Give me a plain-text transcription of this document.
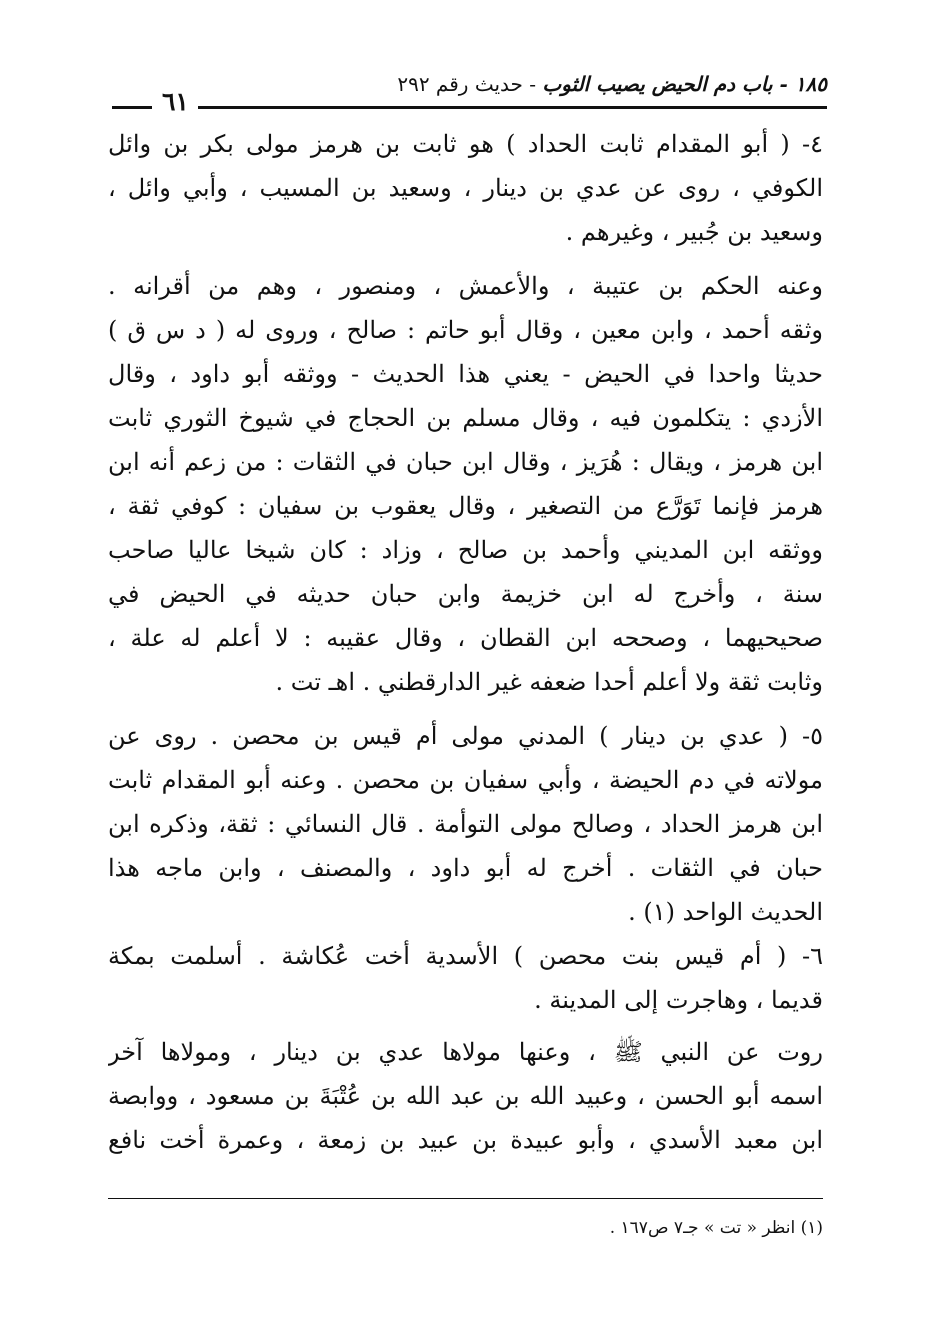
٦١
١٨٥ - باب دم الحيض يصيب الثوب - حديث رقم ٢٩٢
٤- ( أبو المقدام ثابت الحداد ) هو ثابت بن هرمز مولى بكر بن وائل
الكوفي ، روى عن عدي بن دينار ، وسعيد بن المسيب ، وأبي وائل ،
وسعيد بن جُبير ، وغيرهم .
وعنه الحكم بن عتيبة ، والأعمش ، ومنصور ، وهم من أقرانه .
وثقه أحمد ، وابن معين ، وقال أبو حاتم : صالح ، وروى له ( د س ق )
حديثا واحدا في الحيض - يعني هذا الحديث - ووثقه أبو داود ، وقال
الأزدي : يتكلمون فيه ، وقال مسلم بن الحجاج في شيوخ الثوري ثابت
ابن هرمز ، ويقال : هُرَيز ، وقال ابن حبان في الثقات : من زعم أنه ابن
هرمز فإنما تَوَرَّع من التصغير ، وقال يعقوب بن سفيان : كوفي ثقة ،
ووثقه ابن المديني وأحمد بن صالح ، وزاد : كان شيخا عاليا صاحب
سنة ، وأخرج له ابن خزيمة وابن حبان حديثه في الحيض في
صحيحيهما ، وصححه ابن القطان ، وقال عقيبه : لا أعلم له علة ،
وثابت ثقة ولا أعلم أحدا ضعفه غير الدارقطني . اهـ تت .
٥- ( عدي بن دينار ) المدني مولى أم قيس بن محصن . روى عن
مولاته في دم الحيضة ، وأبي سفيان بن محصن . وعنه أبو المقدام ثابت
ابن هرمز الحداد ، وصالح مولى التوأمة . قال النسائي : ثقة، وذكره ابن
حبان في الثقات . أخرج له أبو داود ، والمصنف ، وابن ماجه هذا
الحديث الواحد (١) .
٦- ( أم قيس بنت محصن ) الأسدية أخت عُكاشة . أسلمت بمكة
قديما ، وهاجرت إلى المدينة .
روت عن النبي ﷺ ، وعنها مولاها عدي بن دينار ، ومولاها آخر
اسمه أبو الحسن ، وعبيد الله بن عبد الله بن عُتْبَةَ بن مسعود ، ووابصة
ابن معبد الأسدي ، وأبو عبيدة بن عبيد بن زمعة ، وعمرة أخت نافع
(١) انظر « تت » جـ٧ ص١٦٧ .
